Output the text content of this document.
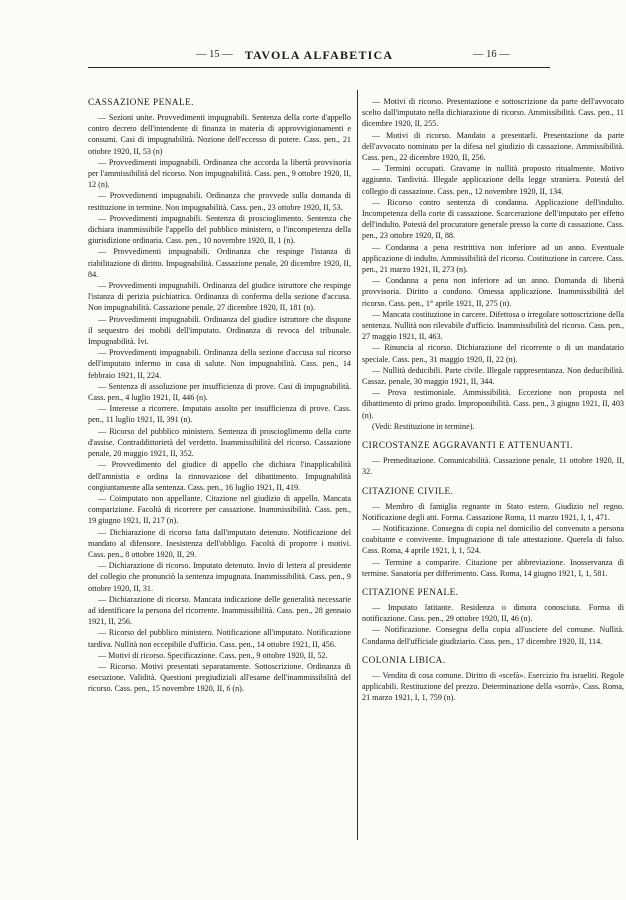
— 15 — TAVOLA ALFABETICA	— 16 —

CASSAZIONE PENALE.

— Sezioni unite. Provvedimenti impugnabili. Sentenza della corte d'appello contro decreto dell'intendente di finanza in materia di approvvigionamenti e consumi. Casi di impugnabilità. Nozione dell'eccesso di potere. Cass. pen., 21 ottobre 1920, II, 53 (n)

— Provvedimenti impugnabili. Ordinanza che accorda la libertà provvisoria per l'ammissibilità del ricorso. Non impugnabilità. Cass. pen., 9 ottobre 1920, II, 12 (n).

— Provvedimenti impugnabili. Ordinanza che provvede sulla domanda di restituzione in termine. Non impugnabilità. Cass. pen., 23 ottobre 1920, II, 53.

— Provvedimenti impugnabili. Sentenza di proscioglimento. Sentenza che dichiara inammissibile l'appello del pubblico ministero, o l'incompetenza della giurisdizione ordinaria. Cass. pen., 10 novembre 1920, II, 1 (n).

— Provvedimenti impugnabili. Ordinanza che respinge l'istanza di riabilitazione di diritto. Impugnabilità. Cassazione penale, 20 dicembre 1920, II, 84.

— Provvedimenti impugnabili. Ordinanza del giudice istruttore che respinge l'istanza di perizia psichiatrica. Ordinanza di conferma della sezione d'accusa. Non impugnabilità. Cassazione penale, 27 dicembre 1920, II, 181 (n).

— Provvedimenti impugnabili. Ordinanza del giudice istruttore che dispone il sequestro dei mobili dell'imputato. Ordinanza di revoca del tribunale. Impugnabilità. Ivi.

— Provvedimenti impugnabili. Ordinanza della sezione d'accusa sul ricorso dell'imputato infermo in casa di salute. Non impugnabilità. Cass. pen., 14 febbraio 1921, II, 224.

— Sentenza di assoluzione per insufficienza di prove. Casi di impugnabilità. Cass. pen., 4 luglio 1921, II, 446 (n).

— Interesse a ricorrere. Imputato assolto per insufficienza di prove. Cass. pen., 11 luglio 1921, II, 391 (n).

— Ricorso del pubblico ministero. Sentenza di proscioglimento della corte d'assise. Contraddittorietà del verdetto. Inammissibilità del ricorso. Cassazione penale, 20 maggio 1921, II, 352.

— Provvedimento del giudice di appello che dichiara l'inapplicabilità dell'amnistia e ordina la rinnovazione del dibattimento. Impugnabilità congiuntamente alla sentenza. Cass. pen., 16 luglio 1921, II, 419.

— Coimputato non appellante. Citazione nel giudizio di appello. Mancata comparizione. Facoltà di ricorrere per cassazione. Inammissibilità. Cass. pen., 19 giugno 1921, II, 217 (n).

— Dichiarazione di ricorso fatta dall'imputato detenuto. Notificazione del mandato al difensore. Inesistenza dell'obbligo. Facoltà di proporre i motivi. Cass. pen., 8 ottobre 1920, II, 29.

— Dichiarazione di ricorso. Imputato detenuto. Invio di lettera al presidente del collegio che pronunciò la sentenza impugnata. Inammissibilità. Cass. pen., 9 ottobre 1920, II, 31.

— Dichiarazione di ricorso. Mancata indicazione delle generalità necessarie ad identificare la persona del ricorrente. Inammissibilità. Cass. pen., 28 gennaio 1921, II, 256.

— Ricorso del pubblico ministero. Notificazione all'imputato. Notificazione tardiva. Nullità non eccepibile d'ufficio. Cass. pen., 14 ottobre 1921, II, 456.

— Motivi di ricorso. Specificazione. Cass. pen., 9 ottobre 1920, II, 52.

— Ricorso. Motivi presentati separatamente. Sottoscrizione. Ordinanza di esecuzione. Validità. Questioni pregiudiziali all'esame dell'inammissibilità del ricorso. Cass. pen., 15 novembre 1920, II, 6 (n).

— Motivi di ricorso. Presentazione e sottoscrizione da parte dell'avvocato scelto dall'imputato nella dichiarazione di ricorso. Ammissibilità. Cass. pen., 11 dicembre 1920, II, 255.

— Motivi di ricorso. Mandato a presentarli. Presentazione da parte dell'avvocato nominato per la difesa nel giudizio di cassazione. Ammissibilità. Cass. pen., 22 dicembre 1920, II, 256.

— Termini occupati. Gravame in nullità proposto ritualmente. Motivo aggiunto. Tardività. Illegale applicazione della legge straniera. Potestà del collegio di cassazione. Cass. pen., 12 novembre 1920, II, 134.

— Ricorso contro sentenza di condanna. Applicazione dell'indulto. Incompetenza della corte di cassazione. Scarcerazione dell'imputato per effetto dell'indulto. Potestà del procuratore generale presso la corte di cassazione. Cass. pen., 23 ottobre 1920, II, 88.

— Condanna a pena restrittiva non inferiore ad un anno. Eventuale applicazione di indulto. Ammissibilità del ricorso. Costituzione in carcere. Cass. pen., 21 marzo 1921, II, 273 (n).

— Condanna a pena non inferiore ad un anno. Domanda di libertà provvisoria. Diritto a condono. Omessa applicazione. Inammissibilità del ricorso. Cass. pen., 1° aprile 1921, II, 275 (n).

— Mancata costituzione in carcere. Difettosa o irregolare sottoscrizione della sentenza. Nullità non rilevabile d'ufficio. Inammissibilità del ricorso. Cass. pen., 27 maggio 1921, II, 463.

— Rinuncia al ricorso. Dichiarazione del ricorrente o di un mandatario speciale. Cass. pen., 31 maggio 1920, II, 22 (n).

— Nullità deducibili. Parte civile. Illegale rappresentanza. Non deducibilità. Cassaz. penale, 30 maggio 1921, II, 344.

— Prova testimoniale. Ammissibilità. Eccezione non proposta nel dibattimento di primo grado. Improponibilità. Cass. pen., 3 giugno 1921, II, 403 (n).

(Vedi: Restituzione in termine).

CIRCOSTANZE AGGRAVANTI E ATTENUANTI.

— Premeditazione. Comunicabilità. Cassazione penale, 11 ottobre 1920, II, 32.

CITAZIONE CIVILE.

— Membro di famiglia regnante in Stato estero. Giudizio nel regno. Notificazione degli atti. Forma. Cassazione Roma, 11 marzo 1921, I, 1, 471.

— Notificazione. Consegna di copia nel domicilio del convenuto a persona coabitante e convivente. Impugnazione di tale attestazione. Querela di falso. Cass. Roma, 4 aprile 1921, I, 1, 524.

— Termine a comparire. Citazione per abbreviazione. Inosservanza di termine. Sanatoria per differimento. Cass. Roma, 14 giugno 1921, I, 1, 581.

CITAZIONE PENALE.

— Imputato latitante. Residenza o dimora conosciuta. Forma di notificazione. Cass. pen., 29 ottobre 1920, II, 46 (n).

— Notificazione. Consegna della copia all'usciere del comune. Nullità. Condanna dell'ufficiale giudiziario. Cass. pen., 17 dicembre 1920, II, 114.

COLONIA LIBICA.

— Vendita di cosa comune. Diritto di «scefà». Esercizio fra israeliti. Regole applicabili. Restituzione del prezzo. Determinazione della «sorrà». Cass. Roma, 21 marzo 1921, I, 1, 759 (n).
